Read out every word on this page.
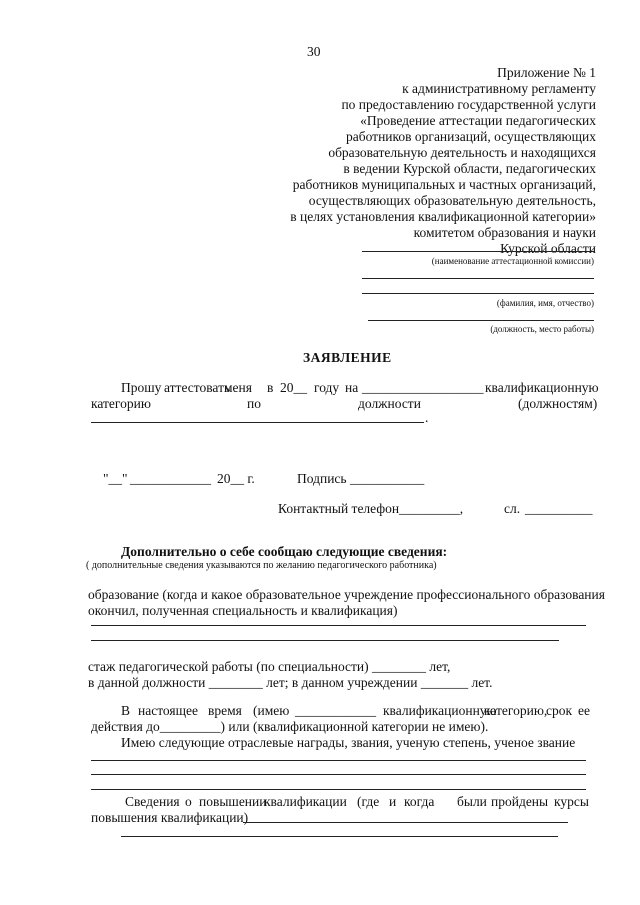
30
Приложение № 1
к административному регламенту
по предоставлению государственной услуги
«Проведение аттестации педагогических
работников организаций, осуществляющих
образовательную деятельность и находящихся
в ведении Курской области, педагогических
работников муниципальных и частных организаций,
осуществляющих образовательную деятельность,
в целях установления квалификационной категории»
комитетом образования и науки
Курской области
(наименование аттестационной комиссии)
(фамилия, имя, отчество)
(должность, место работы)
ЗАЯВЛЕНИЕ
Прошу аттестовать
меня в 20__ году на __________________ квалификационную
категорию	по	должности	(должностям)
.
"__" ____________ 20__ г.	Подпись ___________
Контактный телефон _________,	сл. __________
Дополнительно о себе сообщаю следующие сведения:
( дополнительные сведения указываются по желанию педагогического работника)
образование (когда и какое образовательное учреждение профессионального образования
окончил, полученная специальность и квалификация)
стаж педагогической работы (по специальности) ________ лет,
в данной должности ________ лет; в данном учреждении _______ лет.
В настоящее время (имею ____________ квалификационную
категорию,
срок ее
действия до_________) или (квалификационной категории не имею).
Имею следующие отраслевые награды, звания, ученую степень, ученое звание
Сведения о повышении
квалификации (где и когда были пройдены курсы
повышения квалификации)
